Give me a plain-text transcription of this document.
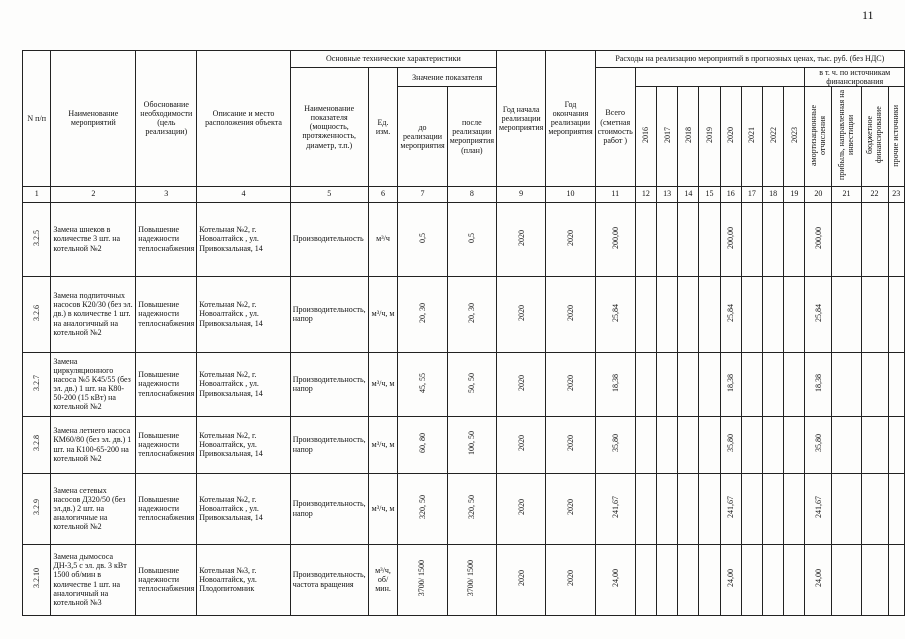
11
N п/п	Наименование мероприятий	Обоснование необходимости (цель реализации)	Описание и место расположения объекта	Основные технические характеристики				Год начала реализации мероприятия	Год окончания реализации мероприятия	Расходы на реализацию мероприятий в прогнозных ценах, тыс. руб. (без НДС)												
				Наименование показателя (мощность, протяженность, диаметр, т.п.)	Ед. изм.	Значение показателя				Всего (сметная стоимость работ )									в т. ч. по источникам финансирования			
						до реализации мероприятия	после реализации мероприятия (план)				2016	2017	2018	2019	2020	2021	2022	2023	амортизационные отчисления	прибыль, направленная на инвестиции	бюджетное финансирование	прочие источники
1	2	3	4	5	6	7	8	9	10	11	12	13	14	15	16	17	18	19	20	21	22	23
3.2.5	Замена шнеков в количестве 3 шт. на котельной №2	Повышение надежности теплоснабжения	Котельная №2, г. Новоалтайск , ул. Привокзальная, 14	Производительность	м³/ч	0,5	0,5	2020	2020	200,00					200,00				200,00			
3.2.6	Замена подпиточных насосов К20/30 (без эл. дв.) в количестве 1 шт. на аналогичный на котельной №2	Повышение надежности теплоснабжения	Котельная №2, г. Новоалтайск , ул. Привокзальная, 14	Производительность, напор	м³/ч, м	20, 30	20, 30	2020	2020	25,84					25,84				25,84			
3.2.7	Замена циркуляционного насоса №5 К45/55 (без эл. дв.) 1 шт. на К80-50-200 (15 кВт) на котельной №2	Повышение надежности теплоснабжения	Котельная №2, г. Новоалтайск , ул. Привокзальная, 14	Производительность, напор	м³/ч, м	45, 55	50, 50	2020	2020	18,38					18,38				18,38			
3.2.8	Замена летнего насоса КМ60/80 (без эл. дв.) 1 шт. на К100-65-200 на котельной №2	Повышение надежности теплоснабжения	Котельная №2, г. Новоалтайск, ул. Привокзальная, 14	Производительность, напор	м³/ч, м	60, 80	100, 50	2020	2020	35,80					35,80				35,80			
3.2.9	Замена сетевых насосов Д320/50 (без эл.дв.) 2 шт. на аналогичные на котельной №2	Повышение надежности теплоснабжения	Котельная №2, г. Новоалтайск , ул. Привокзальная, 14	Производительность, напор	м³/ч, м	320, 50	320, 50	2020	2020	241,67					241,67				241,67			
3.2.10	Замена дымососа ДН-3,5 с эл. дв. 3 кВт 1500 об/мин в количестве 1 шт. на аналогичный на котельной №3	Повышение надежности теплоснабжения	Котельная №3, г. Новоалтайск, ул. Плодопитомник	Производительность, частота вращения	м³/ч, об/мин.	3700/ 1500	3700/ 1500	2020	2020	24,00					24,00				24,00			
